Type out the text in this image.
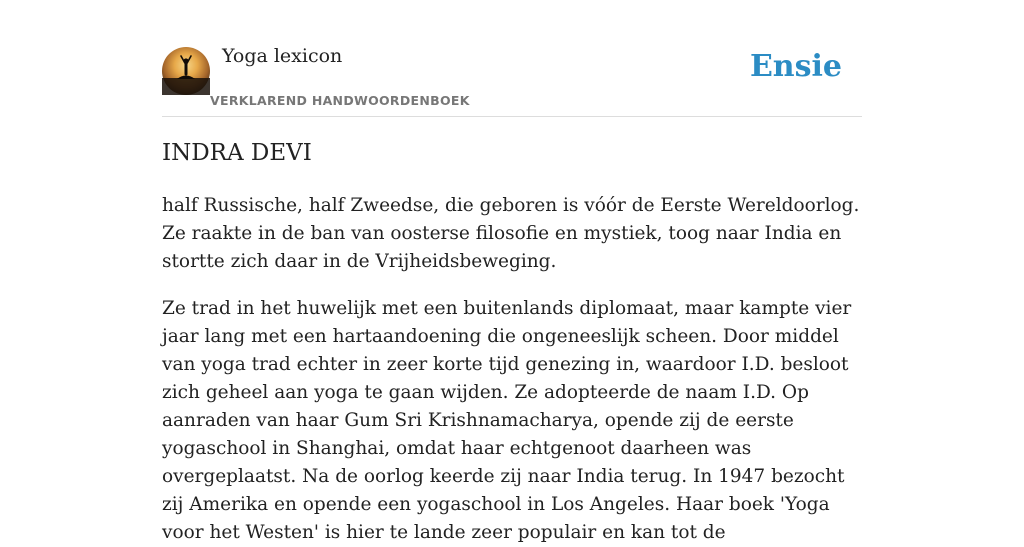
Yoga lexicon
VERKLAREND HANDWOORDENBOEK
Ensie
INDRA DEVI

half Russische, half Zweedse, die geboren is vóór de Eerste Wereldoorlog. Ze raakte in de ban van oosterse filosofie en mystiek, toog naar India en stortte zich daar in de Vrijheidsbeweging.

Ze trad in het huwelijk met een buitenlands diplomaat, maar kampte vier jaar lang met een hartaandoening die ongeneeslijk scheen. Door middel van yoga trad echter in zeer korte tijd genezing in, waardoor I.D. besloot zich geheel aan yoga te gaan wijden. Ze adopteerde de naam I.D. Op aanraden van haar Gum Sri Krishnamacharya, opende zij de eerste yogaschool in Shanghai, omdat haar echtgenoot daarheen was overgeplaatst. Na de oorlog keerde zij naar India terug. In 1947 bezocht zij Amerika en opende een yogaschool in Los Angeles. Haar boek 'Yoga voor het Westen' is hier te lande zeer populair en kan tot de
